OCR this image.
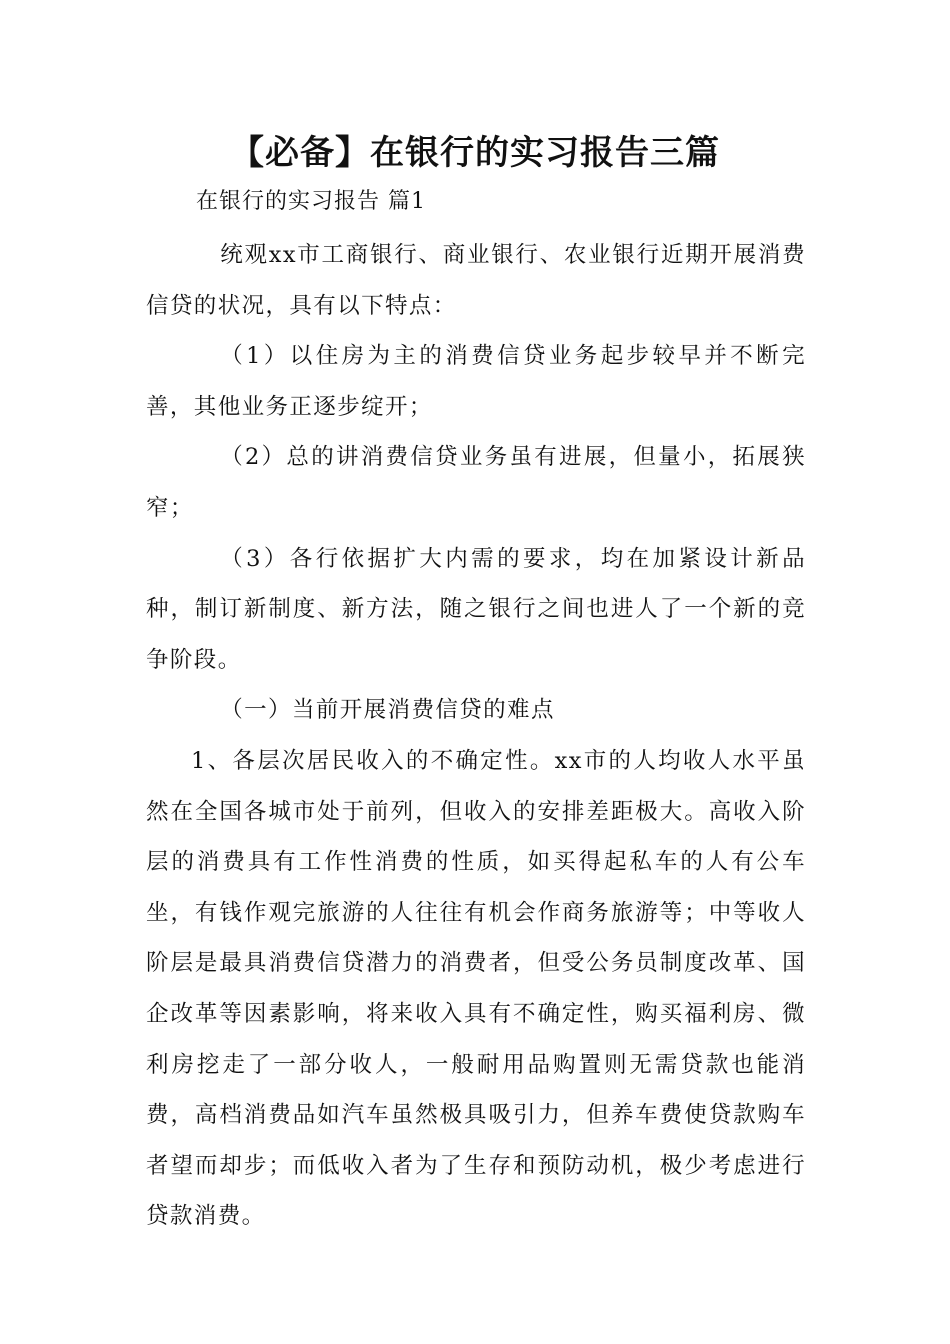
【必备】在银行的实习报告三篇
在银行的实习报告 篇1

统观xx市工商银行、商业银行、农业银行近期开展消费信贷的状况，具有以下特点：

（1）以住房为主的消费信贷业务起步较早并不断完善，其他业务正逐步绽开；

（2）总的讲消费信贷业务虽有进展，但量小，拓展狭窄；

（3）各行依据扩大内需的要求，均在加紧设计新品种，制订新制度、新方法，随之银行之间也进人了一个新的竞争阶段。

（一）当前开展消费信贷的难点

1、各层次居民收入的不确定性。xx市的人均收人水平虽然在全国各城市处于前列，但收入的安排差距极大。高收入阶层的消费具有工作性消费的性质，如买得起私车的人有公车坐，有钱作观完旅游的人往往有机会作商务旅游等；中等收人阶层是最具消费信贷潜力的消费者，但受公务员制度改革、国企改革等因素影响，将来收入具有不确定性，购买福利房、微利房挖走了一部分收人，一般耐用品购置则无需贷款也能消费，高档消费品如汽车虽然极具吸引力，但养车费使贷款购车者望而却步；而低收入者为了生存和预防动机，极少考虑进行贷款消费。
